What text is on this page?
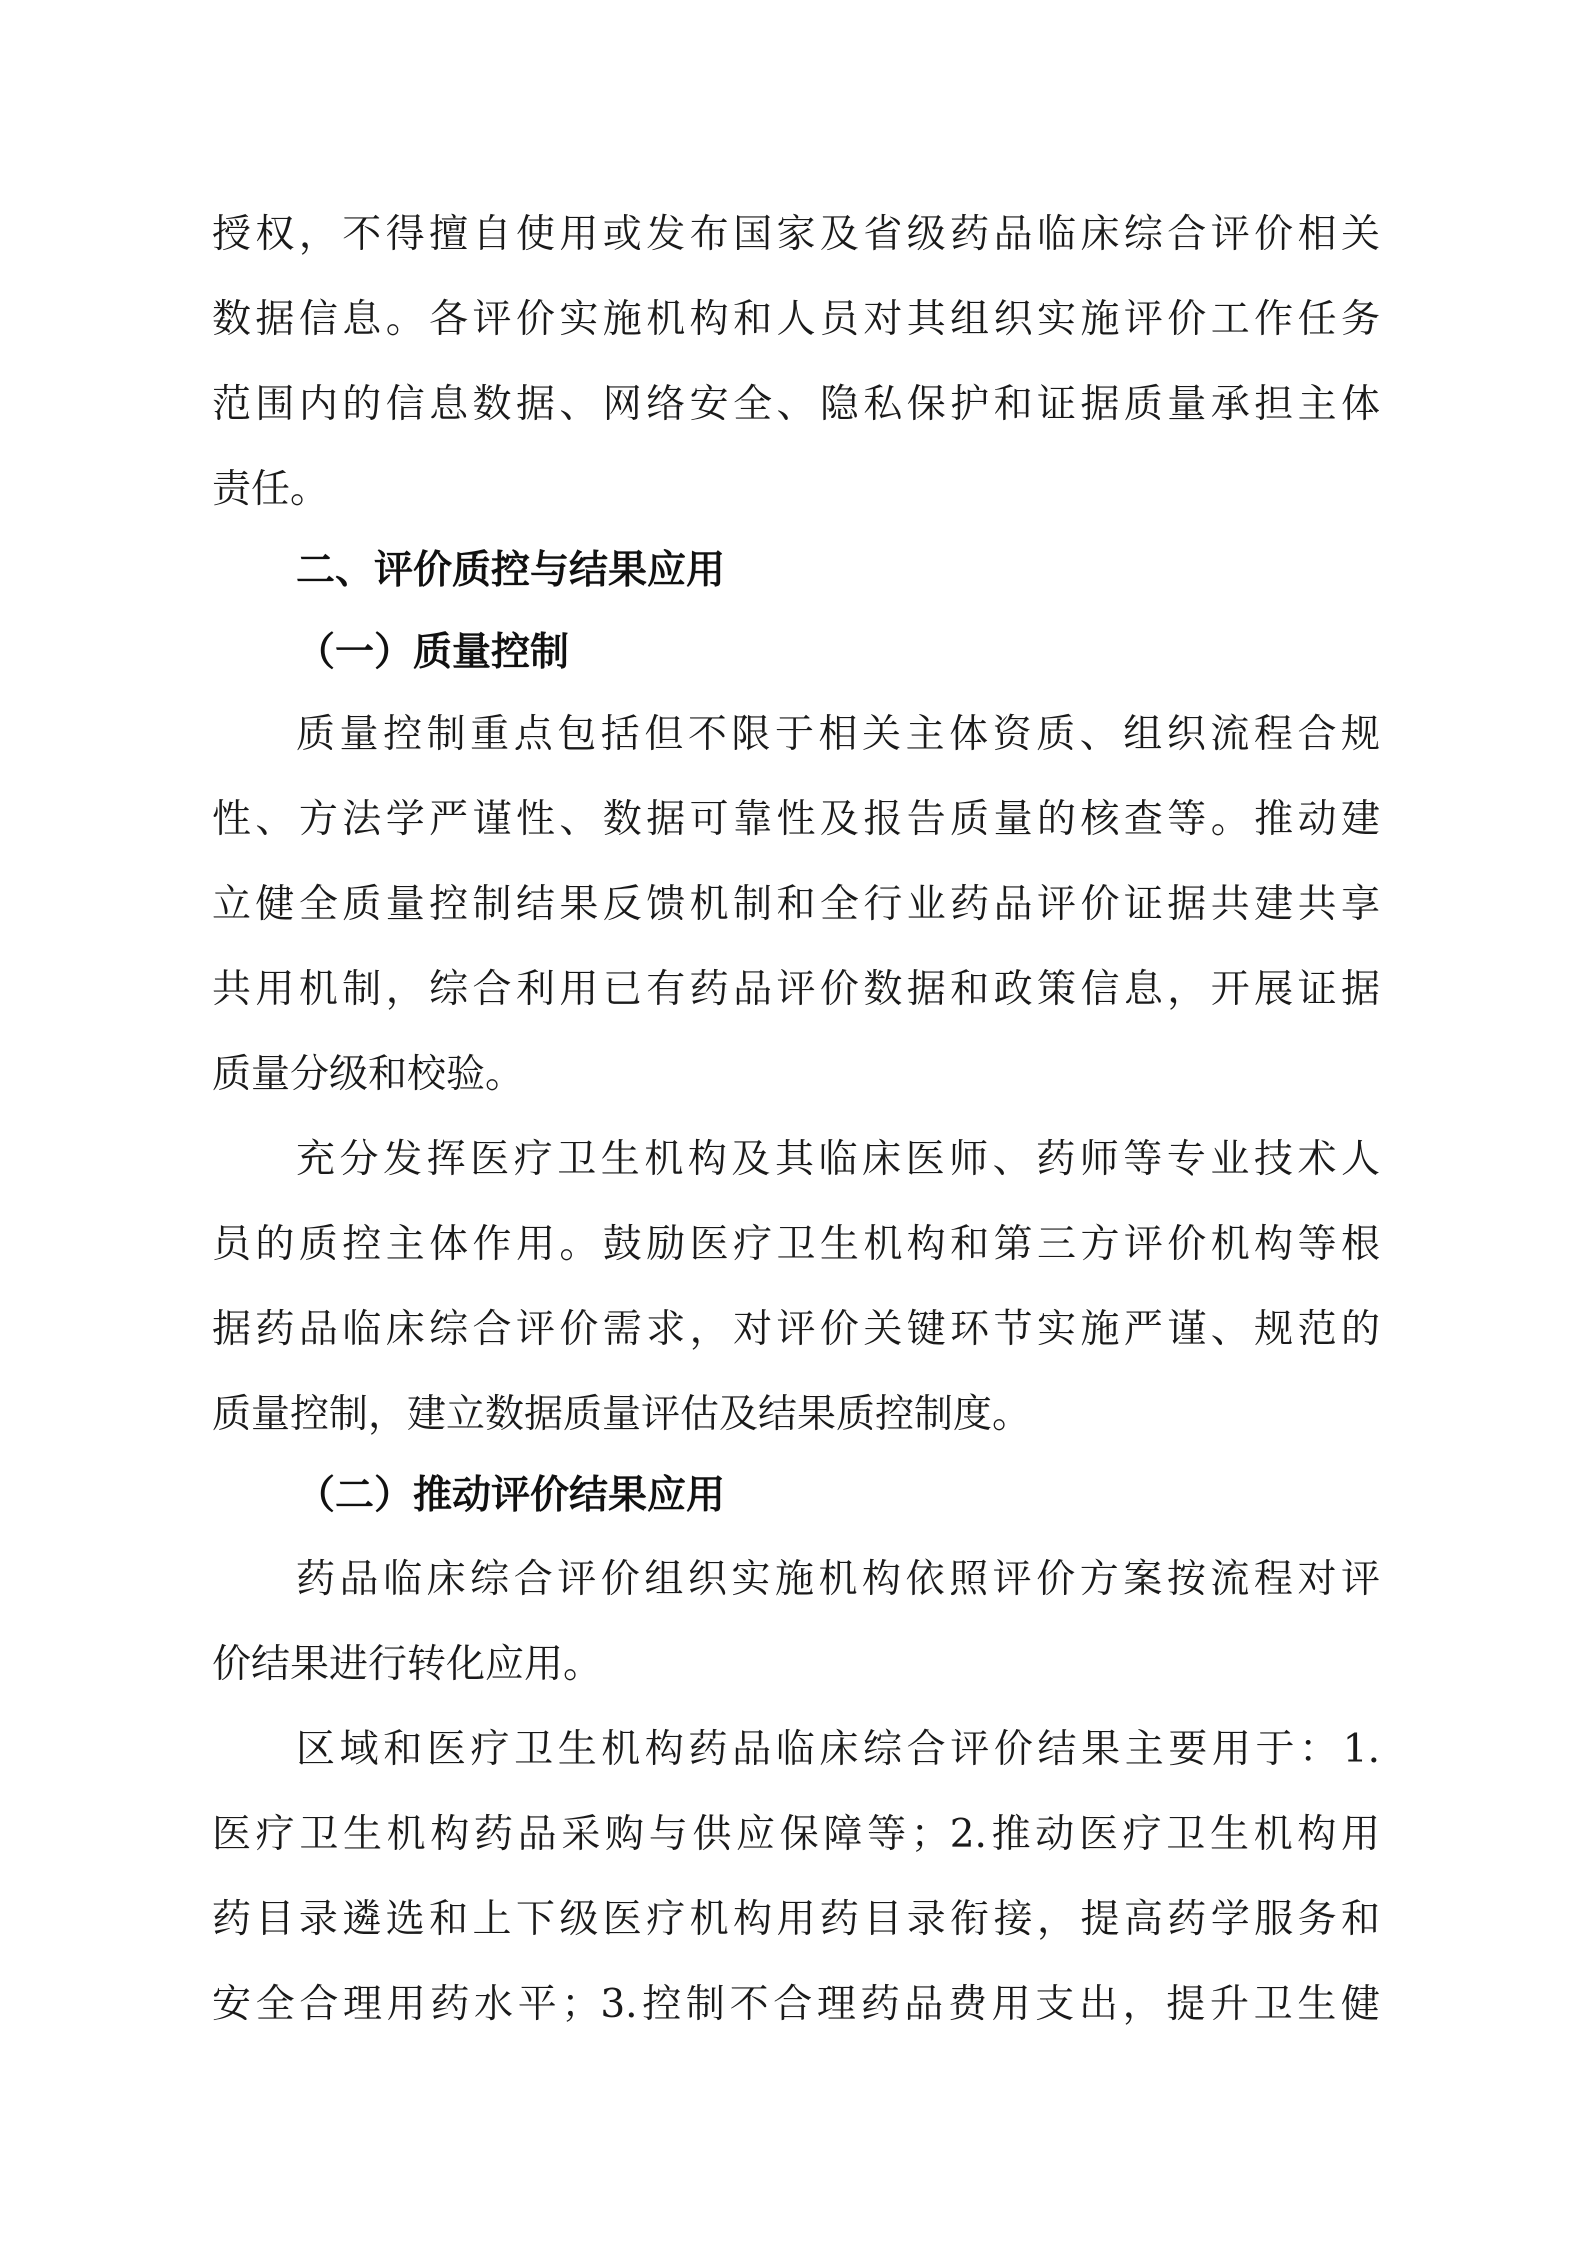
授权，不得擅自使用或发布国家及省级药品临床综合评价相关
数据信息。各评价实施机构和人员对其组织实施评价工作任务
范围内的信息数据、网络安全、隐私保护和证据质量承担主体
责任。
二、评价质控与结果应用
（一）质量控制
质量控制重点包括但不限于相关主体资质、组织流程合规
性、方法学严谨性、数据可靠性及报告质量的核查等。推动建
立健全质量控制结果反馈机制和全行业药品评价证据共建共享
共用机制，综合利用已有药品评价数据和政策信息，开展证据
质量分级和校验。
充分发挥医疗卫生机构及其临床医师、药师等专业技术人
员的质控主体作用。鼓励医疗卫生机构和第三方评价机构等根
据药品临床综合评价需求，对评价关键环节实施严谨、规范的
质量控制，建立数据质量评估及结果质控制度。
（二）推动评价结果应用
药品临床综合评价组织实施机构依照评价方案按流程对评
价结果进行转化应用。
区域和医疗卫生机构药品临床综合评价结果主要用于：1.
医疗卫生机构药品采购与供应保障等；2.推动医疗卫生机构用
药目录遴选和上下级医疗机构用药目录衔接，提高药学服务和
安全合理用药水平；3.控制不合理药品费用支出，提升卫生健
